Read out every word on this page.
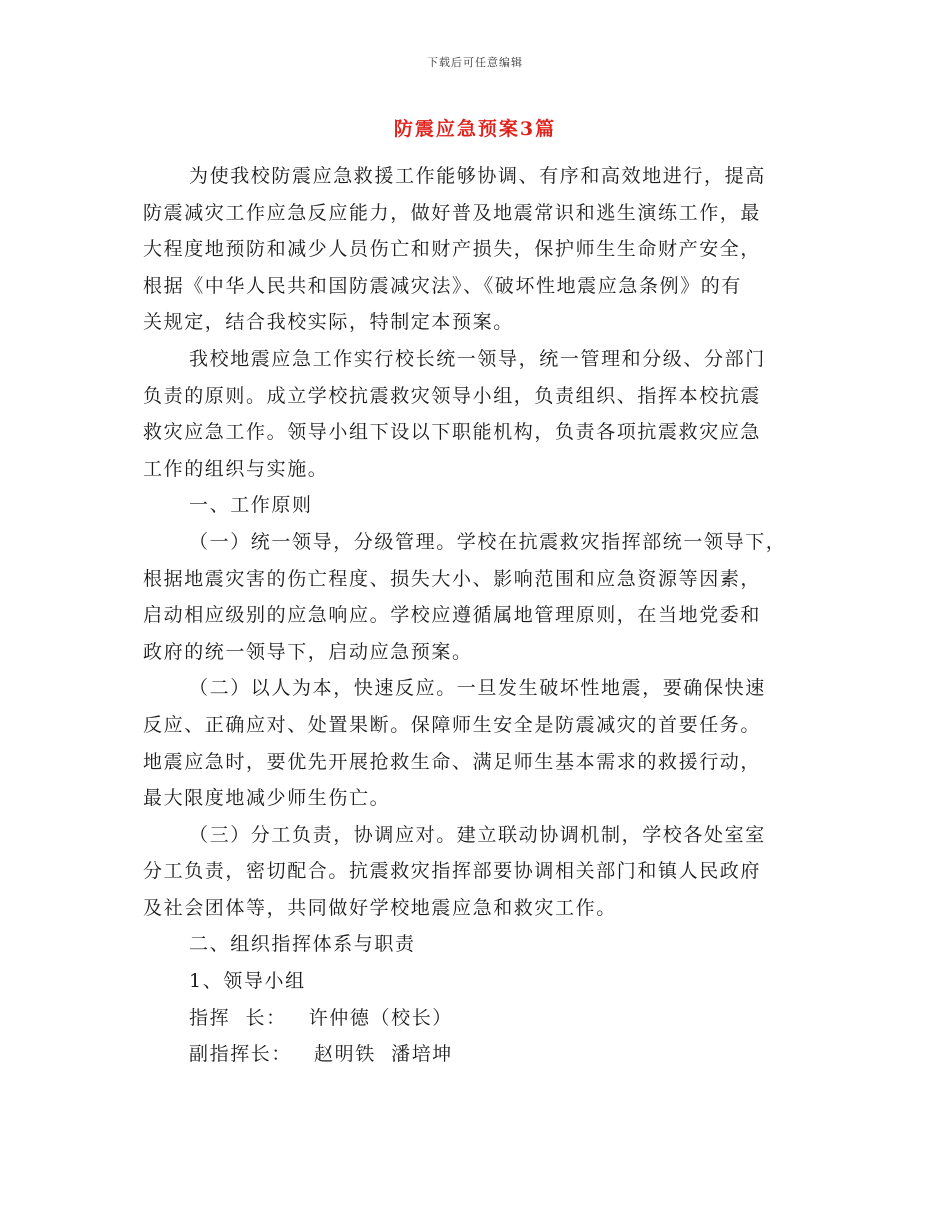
下载后可任意编辑
防震应急预案3篇

为使我校防震应急救援工作能够协调、有序和高效地进行，提高

防震减灾工作应急反应能力，做好普及地震常识和逃生演练工作，最

大程度地预防和减少人员伤亡和财产损失，保护师生生命财产安全，

根据《中华人民共和国防震减灾法》、《破坏性地震应急条例》的有

关规定，结合我校实际，特制定本预案。

我校地震应急工作实行校长统一领导，统一管理和分级、分部门

负责的原则。成立学校抗震救灾领导小组，负责组织、指挥本校抗震

救灾应急工作。领导小组下设以下职能机构，负责各项抗震救灾应急

工作的组织与实施。

一、工作原则

（一）统一领导，分级管理。学校在抗震救灾指挥部统一领导下，

根据地震灾害的伤亡程度、损失大小、影响范围和应急资源等因素，

启动相应级别的应急响应。学校应遵循属地管理原则，在当地党委和

政府的统一领导下，启动应急预案。

（二）以人为本，快速反应。一旦发生破坏性地震，要确保快速

反应、正确应对、处置果断。保障师生安全是防震减灾的首要任务。

地震应急时，要优先开展抢救生命、满足师生基本需求的救援行动，

最大限度地减少师生伤亡。

（三）分工负责，协调应对。建立联动协调机制，学校各处室室

分工负责，密切配合。抗震救灾指挥部要协调相关部门和镇人民政府

及社会团体等，共同做好学校地震应急和救灾工作。

二、组织指挥体系与职责

1、领导小组

指挥  长： 许仲德（校长）

副指挥长： 赵明铁  潘培坤
